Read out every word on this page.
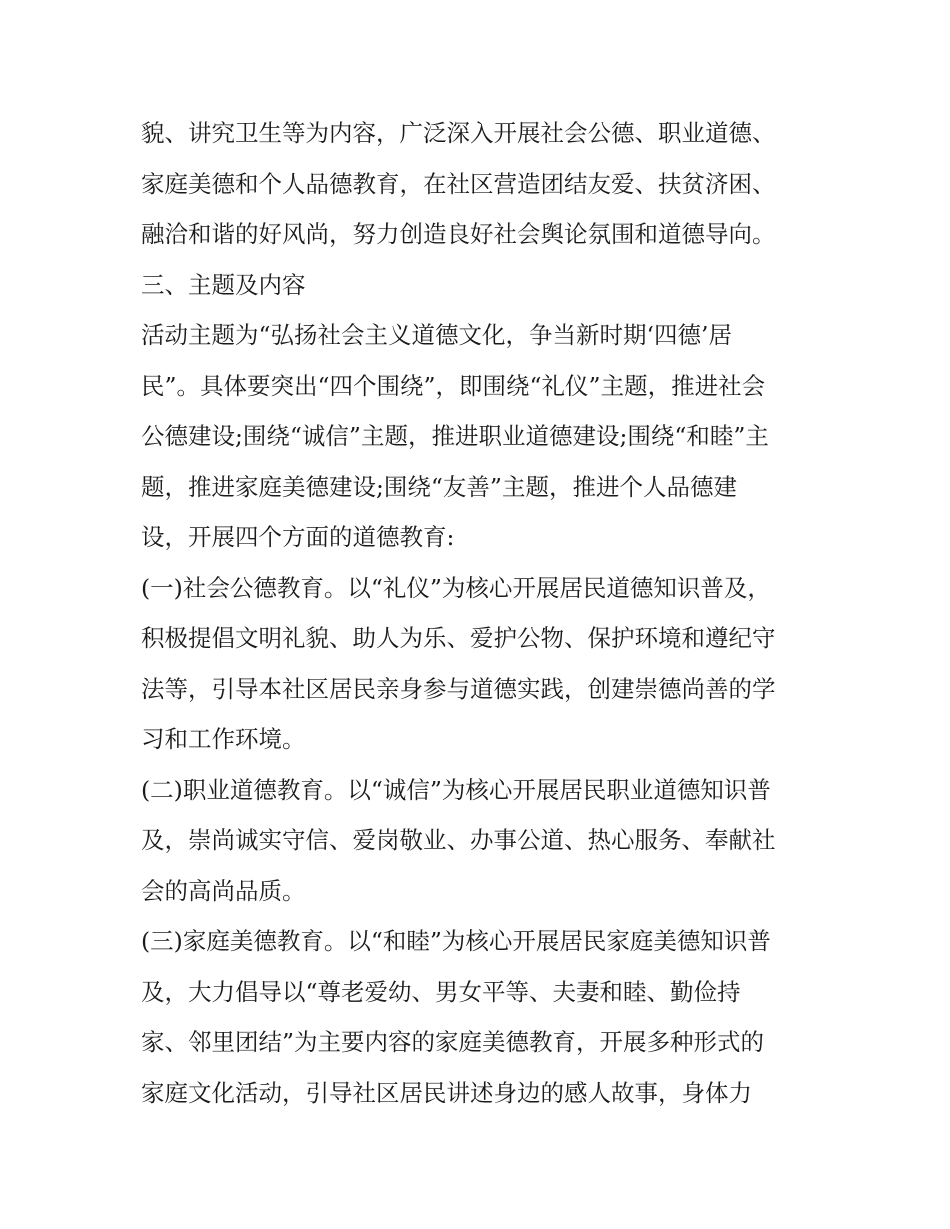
貌、讲究卫生等为内容，广泛深入开展社会公德、职业道德、
家庭美德和个人品德教育，在社区营造团结友爱、扶贫济困、
融洽和谐的好风尚，努力创造良好社会舆论氛围和道德导向。
三、主题及内容
活动主题为“弘扬社会主义道德文化，争当新时期‘四德’居
民”。具体要突出“四个围绕”，即围绕“礼仪”主题，推进社会
公德建设;围绕“诚信”主题，推进职业道德建设;围绕“和睦”主
题，推进家庭美德建设;围绕“友善”主题，推进个人品德建
设，开展四个方面的道德教育:
(一)社会公德教育。以“礼仪”为核心开展居民道德知识普及，
积极提倡文明礼貌、助人为乐、爱护公物、保护环境和遵纪守
法等，引导本社区居民亲身参与道德实践，创建崇德尚善的学
习和工作环境。
(二)职业道德教育。以“诚信”为核心开展居民职业道德知识普
及，崇尚诚实守信、爱岗敬业、办事公道、热心服务、奉献社
会的高尚品质。
(三)家庭美德教育。以“和睦”为核心开展居民家庭美德知识普
及，大力倡导以“尊老爱幼、男女平等、夫妻和睦、勤俭持
家、邻里团结”为主要内容的家庭美德教育，开展多种形式的
家庭文化活动，引导社区居民讲述身边的感人故事，身体力
